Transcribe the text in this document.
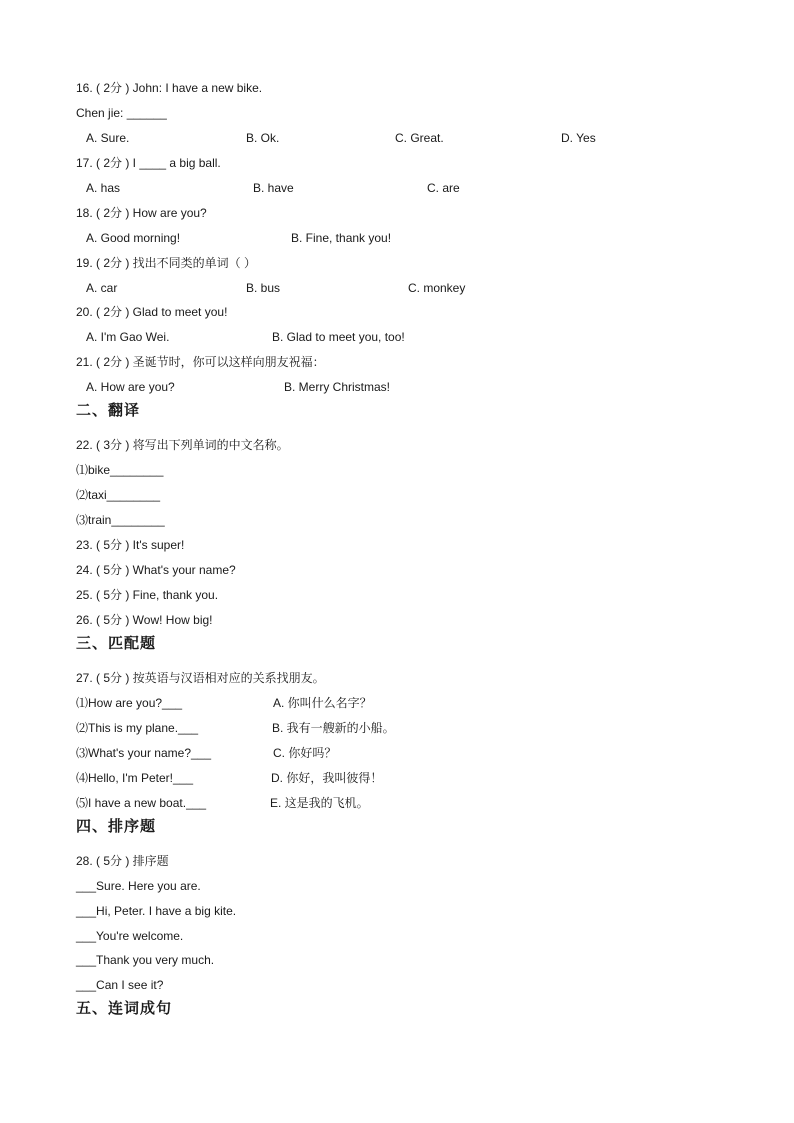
16. ( 2分 ) John: I have a new bike.
Chen jie: ______
A. Sure.	B. Ok.	C. Great.	D. Yes
17. ( 2分 ) I ____ a big ball.
A. has	B. have	C. are
18. ( 2分 ) How are you?
A. Good morning!	B. Fine, thank you!
19. ( 2分 ) 找出不同类的单词（ ）
A. car	B. bus	C. monkey
20. ( 2分 ) Glad to meet you!
A. I'm Gao Wei.	B. Glad to meet you, too!
21. ( 2分 ) 圣诞节时，你可以这样向朋友祝福：
A. How are you?	B. Merry Christmas!
二、翻译
22. ( 3分 ) 将写出下列单词的中文名称。
⑴bike________
⑵taxi________
⑶train________
23. ( 5分 ) It's super!
24. ( 5分 ) What's your name?
25. ( 5分 ) Fine, thank you.
26. ( 5分 ) Wow! How big!
三、匹配题
27. ( 5分 ) 按英语与汉语相对应的关系找朋友。
⑴How are you?___	A. 你叫什么名字？
⑵This is my plane.___	B. 我有一艘新的小船。
⑶What's your name?___	C. 你好吗？
⑷Hello, I'm Peter!___	D. 你好，我叫彼得！
⑸I have a new boat.___	E. 这是我的飞机。
四、排序题
28. ( 5分 ) 排序题
___Sure. Here you are.
___Hi, Peter. I have a big kite.
___You're welcome.
___Thank you very much.
___Can I see it?
五、连词成句
